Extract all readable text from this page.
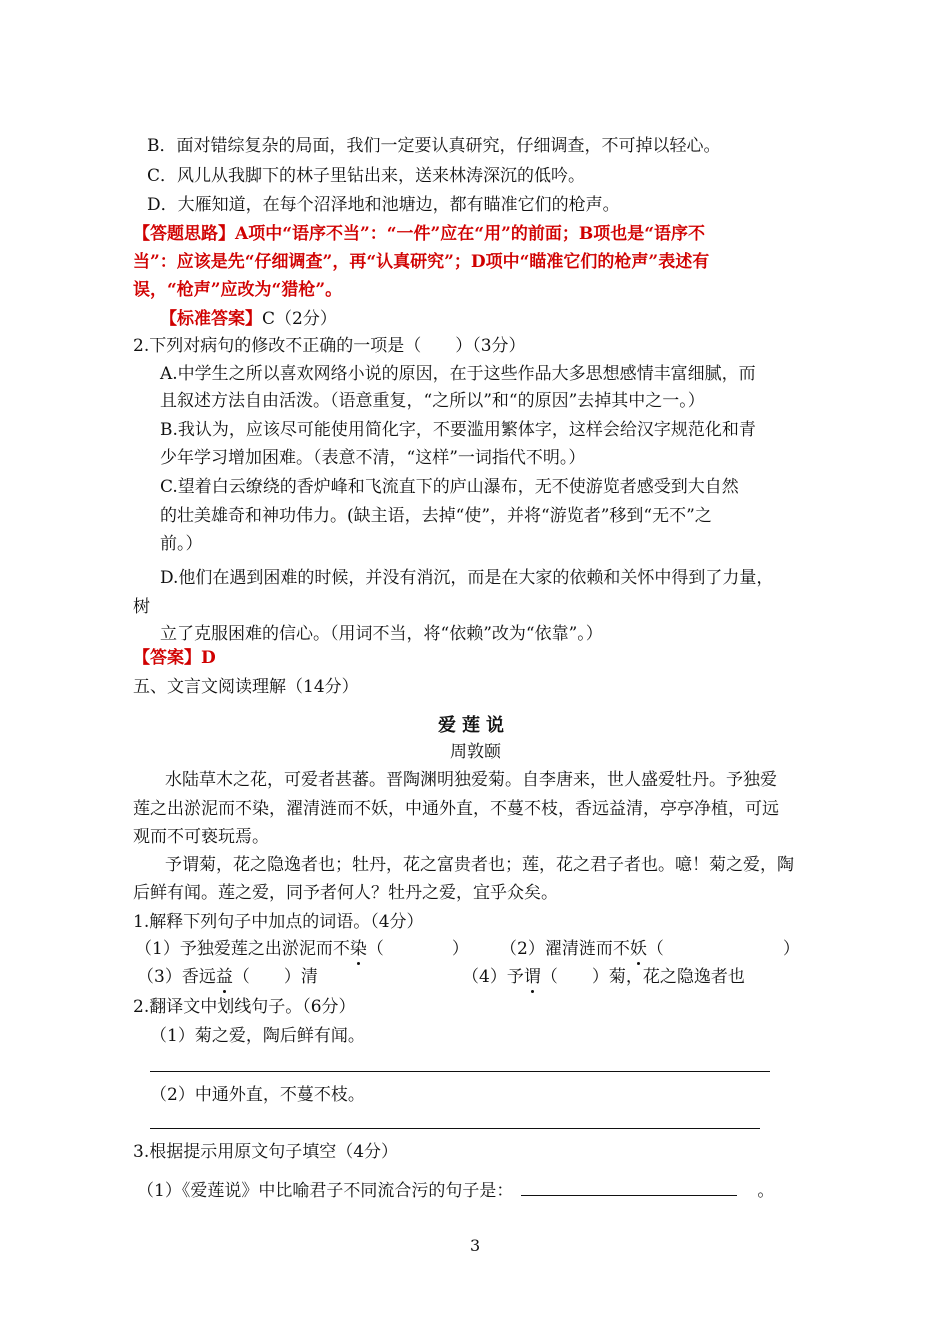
B．面对错综复杂的局面，我们一定要认真研究，仔细调查，不可掉以轻心。
C．风儿从我脚下的林子里钻出来，送来林涛深沉的低吟。
D．大雁知道，在每个沼泽地和池塘边，都有瞄准它们的枪声。
【答题思路】A项中“语序不当”：“一件”应在“用”的前面；B项也是“语序不
当”：应该是先“仔细调查”，再“认真研究”；D项中“瞄准它们的枪声”表述有
误，“枪声”应改为“猎枪”。
【标准答案】C（2分）
2.下列对病句的修改不正确的一项是（　　）（3分）
A.中学生之所以喜欢网络小说的原因，在于这些作品大多思想感情丰富细腻，而
且叙述方法自由活泼。（语意重复，“之所以”和“的原因”去掉其中之一。）
B.我认为，应该尽可能使用简化字，不要滥用繁体字，这样会给汉字规范化和青
少年学习增加困难。（表意不清，“这样”一词指代不明。）
C.望着白云缭绕的香炉峰和飞流直下的庐山瀑布，无不使游览者感受到大自然
的壮美雄奇和神功伟力。(缺主语，去掉“使”，并将“游览者”移到“无不”之
前。）
D.他们在遇到困难的时候，并没有消沉，而是在大家的依赖和关怀中得到了力量，
树
立了克服困难的信心。（用词不当，将“依赖”改为“依靠”。）
【答案】D
五、文言文阅读理解（14分）
爱莲说
周敦颐
水陆草木之花，可爱者甚蕃。晋陶渊明独爱菊。自李唐来，世人盛爱牡丹。予独爱
莲之出淤泥而不染，濯清涟而不妖，中通外直，不蔓不枝，香远益清，亭亭净植，可远
观而不可亵玩焉。
予谓菊，花之隐逸者也；牡丹，花之富贵者也；莲，花之君子者也。噫！菊之爱，陶
后鲜有闻。莲之爱，同予者何人？牡丹之爱，宜乎众矣。
1.解释下列句子中加点的词语。（4分）
（1）予独爱莲之出淤泥而不染（　　　　） （2）濯清涟而不妖（　　　　　　　）
（3）香远益（　　）清	（4）予谓（　　）菊，花之隐逸者也
2.翻译文中划线句子。（6分）
（1）菊之爱，陶后鲜有闻。
（2）中通外直，不蔓不枝。
3.根据提示用原文句子填空（4分）
（1）《爱莲说》中比喻君子不同流合污的句子是：	。
3
